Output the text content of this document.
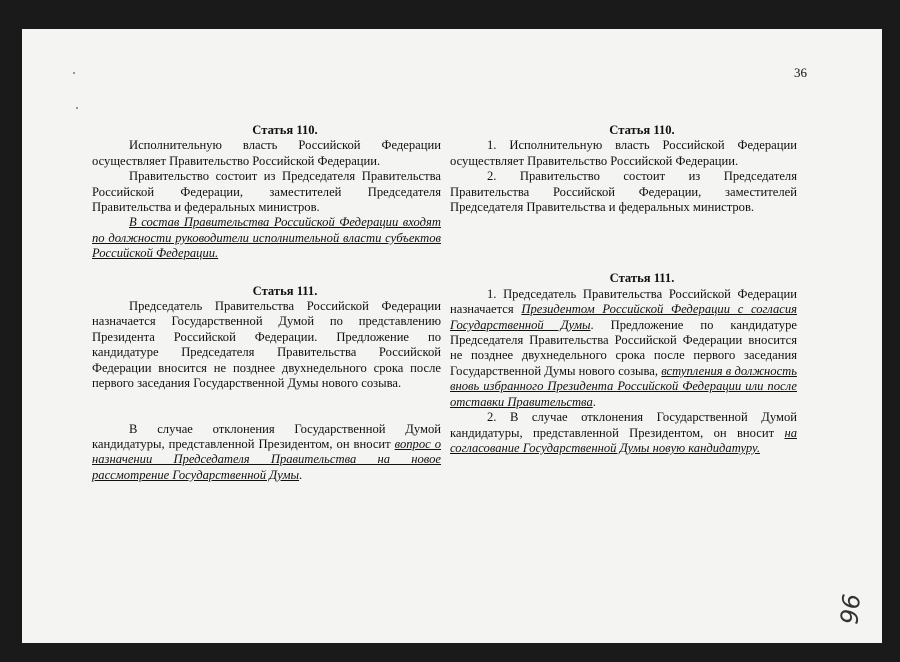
36

Статья 110.

Исполнительную власть Российской Федерации осуществляет Правительство Российской Федерации.

Правительство состоит из Председателя Правительства Российской Федерации, заместителей Председателя Правительства и федеральных министров.

В состав Правительства Российской Федерации входят по должности руководители исполнительной власти субъектов Российской Федерации.

Статья 111.

Председатель Правительства Российской Федерации назначается Государственной Думой по представлению Президента Российской Федерации. Предложение по кандидатуре Председателя Правительства Российской Федерации вносится не позднее двухнедельного срока после первого заседания Государственной Думы нового созыва.

В случае отклонения Государственной Думой кандидатуры, представленной Президентом, он вносит вопрос о назначении Председателя Правительства на новое рассмотрение Государственной Думы.

Статья 110.

1. Исполнительную власть Российской Федерации осуществляет Правительство Российской Федерации.

2. Правительство состоит из Председателя Правительства Российской Федерации, заместителей Председателя Правительства и федеральных министров.

Статья 111.

1. Председатель Правительства Российской Федерации назначается Президентом Российской Федерации с согласия Государственной Думы. Предложение по кандидатуре Председателя Правительства Российской Федерации вносится не позднее двухнедельного срока после первого заседания Государственной Думы нового созыва, вступления в должность вновь избранного Президента Российской Федерации или после отставки Правительства.

2. В случае отклонения Государственной Думой кандидатуры, представленной Президентом, он вносит на согласование Государственной Думы новую кандидатуру.

96
